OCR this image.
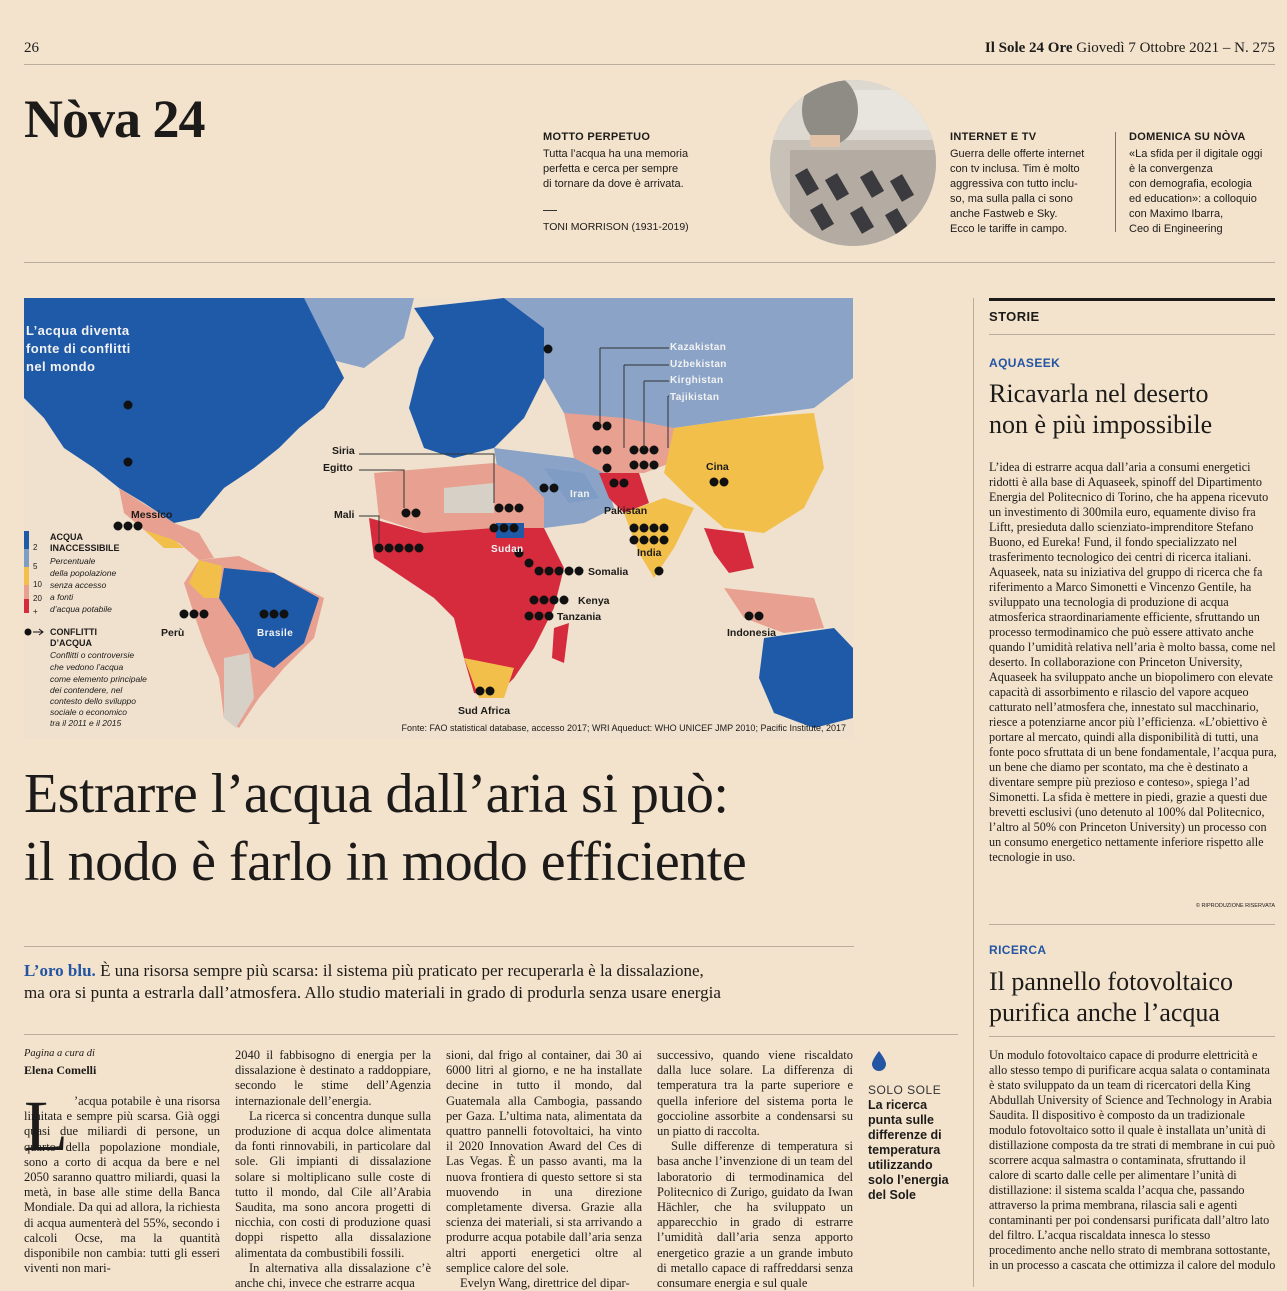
26	Il Sole 24 Ore Giovedì 7 Ottobre 2021 – N. 275
Nòva 24	MOTTO PERPETUO
Tutta l’acqua ha una memoria
perfetta e cerca per sempre
di tornare da dove è arrivata.
TONI MORRISON (1931-2019)
INTERNET E TV
Guerra delle offerte internet
con tv inclusa. Tim è molto
aggressiva con tutto inclu-
so, ma sulla palla ci sono
anche Fastweb e Sky.
Ecco le tariffe in campo.
DOMENICA SU NÒVA
«La sfida per il digitale oggi
è la convergenza
con demografia, ecologia
ed education»: a colloquio
con Maximo Ibarra,
Ceo di Engineering
L’acqua diventa
fonte di conflitti
nel mondo
Kazakistan
Uzbekistan
Kirghistan
Tajikistan
Siria
Egitto
Mali
Messico
Perù	Brasile
Iran
Pakistan
Cina
India
Sudan
Somalia
Kenya
Tanzania
Indonesia
Sud Africa
2
5
10
20
+
ACQUA
INACCESSIBILE
Percentuale
della popolazione
senza accesso
a fonti
d’acqua potabile
CONFLITTI
D’ACQUA
Conflitti o controversie
che vedono l’acqua
come elemento principale
dei contendere, nel
contesto dello sviluppo
sociale o economico
tra il 2011 e il 2015	Fonte: FAO statistical database, accesso 2017; WRI Aqueduct: WHO UNICEF JMP 2010; Pacific Institute, 2017
Estrarre l’acqua dall’aria si può:
il nodo è farlo in modo efficiente
L’oro blu. È una risorsa sempre più scarsa: il sistema più praticato per recuperarla è la dissalazione,
ma ora si punta a estrarla dall’atmosfera. Allo studio materiali in grado di produrla senza usare energia
Pagina a cura di
Elena Comelli
L ’acqua potabile è una risorsa limitata e sempre più scarsa. Già oggi quasi due miliardi di persone, un quarto della popolazione mondiale, sono a corto di acqua da bere e nel 2050 saranno quattro miliardi, quasi la metà, in base alle stime della Banca Mondiale. Da qui ad allora, la richiesta di acqua aumenterà del 55%, secondo i calcoli Ocse, ma la quantità disponibile non cambia: tutti gli esseri viventi non mari-

2040 il fabbisogno di energia per la dissalazione è destinato a raddoppiare, secondo le stime dell’Agenzia internazionale dell’energia.

La ricerca si concentra dunque sulla produzione di acqua dolce alimentata da fonti rinnovabili, in particolare dal sole. Gli impianti di dissalazione solare si moltiplicano sulle coste di tutto il mondo, dal Cile all’Arabia Saudita, ma sono ancora progetti di nicchia, con costi di produzione quasi doppi rispetto alla dissalazione alimentata da combustibili fossili.

In alternativa alla dissalazione c’è anche chi, invece che estrarre acqua

sioni, dal frigo al container, dai 30 ai 6000 litri al giorno, e ne ha installate decine in tutto il mondo, dal Guatemala alla Cambogia, passando per Gaza. L’ultima nata, alimentata da quattro pannelli fotovoltaici, ha vinto il 2020 Innovation Award del Ces di Las Vegas. È un passo avanti, ma la nuova frontiera di questo settore si sta muovendo in una direzione completamente diversa. Grazie alla scienza dei materiali, si sta arrivando a produrre acqua potabile dall’aria senza altri apporti energetici oltre al semplice calore del sole.

Evelyn Wang, direttrice del dipar-

successivo, quando viene riscaldato dalla luce solare. La differenza di temperatura tra la parte superiore e quella inferiore del sistema porta le goccioline assorbite a condensarsi su un piatto di raccolta.

Sulle differenze di temperatura si basa anche l’invenzione di un team del laboratorio di termodinamica del Politecnico di Zurigo, guidato da Iwan Hächler, che ha sviluppato un apparecchio in grado di estrarre l’umidità dall’aria senza apporto energetico grazie a un grande imbuto di metallo capace di raffreddarsi senza consumare energia e sul quale

SOLO SOLE
La ricerca punta sulle differenze di temperatura utilizzando solo l’energia del Sole
STORIE
AQUASEEK
Ricavarla nel deserto
non è più impossibile
L’idea di estrarre acqua dall’aria a consumi energetici ridotti è alla base di Aquaseek, spinoff del Dipartimento Energia del Politecnico di Torino, che ha appena ricevuto un investimento di 300mila euro, equamente diviso fra Liftt, presieduta dallo scienziato-imprenditore Stefano Buono, ed Eureka! Fund, il fondo specializzato nel trasferimento tecnologico dei centri di ricerca italiani. Aquaseek, nata su iniziativa del gruppo di ricerca che fa riferimento a Marco Simonetti e Vincenzo Gentile, ha sviluppato una tecnologia di produzione di acqua atmosferica straordinariamente efficiente, sfruttando un processo termodinamico che può essere attivato anche quando l’umidità relativa nell’aria è molto bassa, come nel deserto. In collaborazione con Princeton University, Aquaseek ha sviluppato anche un biopolimero con elevate capacità di assorbimento e rilascio del vapore acqueo catturato nell’atmosfera che, innestato sul macchinario, riesce a potenziarne ancor più l’efficienza. «L’obiettivo è portare al mercato, quindi alla disponibilità di tutti, una fonte poco sfruttata di un bene fondamentale, l’acqua pura, un bene che diamo per scontato, ma che è destinato a diventare sempre più prezioso e conteso», spiega l’ad Simonetti. La sfida è mettere in piedi, grazie a questi due brevetti esclusivi (uno detenuto al 100% dal Politecnico, l’altro al 50% con Princeton University) un processo con un consumo energetico nettamente inferiore rispetto alle tecnologie in uso.
© RIPRODUZIONE RISERVATA
RICERCA
Il pannello fotovoltaico
purifica anche l’acqua
Un modulo fotovoltaico capace di produrre elettricità e allo stesso tempo di purificare acqua salata o contaminata è stato sviluppato da un team di ricercatori della King Abdullah University of Science and Technology in Arabia Saudita. Il dispositivo è composto da un tradizionale modulo fotovoltaico sotto il quale è installata un’unità di distillazione composta da tre strati di membrane in cui può scorrere acqua salmastra o contaminata, sfruttando il calore di scarto dalle celle per alimentare l’unità di distillazione: il sistema scalda l’acqua che, passando attraverso la prima membrana, rilascia sali e agenti contaminanti per poi condensarsi purificata dall’altro lato del filtro. L’acqua riscaldata innesca lo stesso procedimento anche nello strato di membrana sottostante, in un processo a cascata che ottimizza il calore del modulo
